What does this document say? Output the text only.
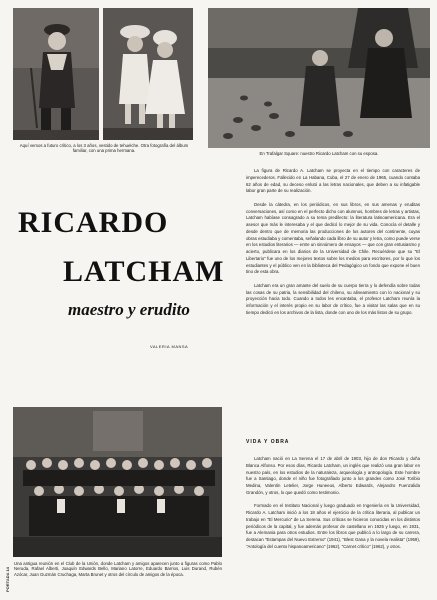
Aquí vemos a futuro crítico, a los 3 años, vestido de tehuelche. Otra fotografía del álbum familiar, con una prima hermana.

En Trafalgar Square: nuestro Ricardo Latcham con su esposa.

RICARDO
LATCHAM
maestro y erudito

VALERIA MANSA

La figura de Ricardo A. Latcham se proyecta en el tiempo con caracteres de imperecederos. Fallecido en La Habana, Cuba, el 27 de enero de 1965, cuando contaba 62 años de edad, su deceso enlutó a las letras nacionales, que deben a su infatigable labor gran parte de su realización.

Desde la cátedra, en los periódicos, en sus libros, en sus amenas y eruditas conversaciones, así como en el perfecto dicho con alumnos, hombres de letras y artistas, Latcham habíase consagrado a su tema predilecto: la literatura latinoamericana. Era el asesor que más le interesaba y el que dedicó lo mejor de su vida. Conocía el detalle y desde dentro que de memoria las producciones de los autores del continente, cuyas obras estudiaba y comentaba, señalando cada libro de su autor y letra, como puede verse en los estudios literarios — entre un sinnúmero de ensayos — que con gran entusiasmo y acierto, publicara en los diarios de la Universidad de Chile. Recuérdese que su "El Libertario" fue uno de los mejores textos sobre los medios para escritores, por lo que los estudiantes y el público ven en la biblioteca del Pedagógico un fondo que expone el buen tino de esta obra.

Latcham era un gran amante del suelo de su cuerpo tierra y lo defendía sobre todas las cosas de su patria, la sensibilidad del chileno, su alineamiento con lo nacional y su proyección hacia todo. Cuando a todos les encantaba, el profesor Latcham reunía la información y el interés propio en su labor de crítico, fue a visitar las salas que en su tiempo dedicó en los archivos de la lista, donde con uno de los más listos de su grupo.

VIDA Y OBRA

Latcham nació en La Serena el 17 de abril de 1903, hijo de don Ricardo y doña Blanca Alfonso. Por esos días, Ricardo Latcham, un inglés que realizó una gran labor en nuestro país, en los estudios de la naturaleza, arqueología y antropología. Este hombre fue a Santiago, donde el niño fue fotografiado junto a los grandes como José Toribio Medina, Valentín Letelier, Jorge Huneeus, Alberto Edwards, Alejandro Fuenzalida Grandón, y otros, lo que quedó como testimonio.

Formado en el Instituto Nacional y luego graduado en Ingeniería en la Universidad, Ricardo A. Latcham inició a los 18 años el ejercicio de la crítica literaria, al publicar un trabajo en "El Mercurio" de La Serena. Sus críticas se hicieron conocidas en los distintos periódicos de la capital, y fue además profesor de castellano en 1925 y luego, en 1931, fue a Alemania para otros estudios. Entre los libros que publicó a lo largo de su carrera, destacan "Estampas del Nuevo Extremo" (1941), "Blest Gana y la novela realista" (1959), "Antología del cuento hispanoamericano" (1962), "Carnet crítico" (1962), y otros.

Una antigua reunión en el Club de la Unión, donde Latcham y amigos aparecen junto a figuras como Pablo Neruda, Rafael Alberti, Joaquín Edwards Bello, Mariano Latorre, Eduardo Barrios, Luis Durand, Rubén Azócar, Juan Guzmán Cruchaga, Marta Brunet y otros del círculo de amigos de la época.

PORTADA 14
